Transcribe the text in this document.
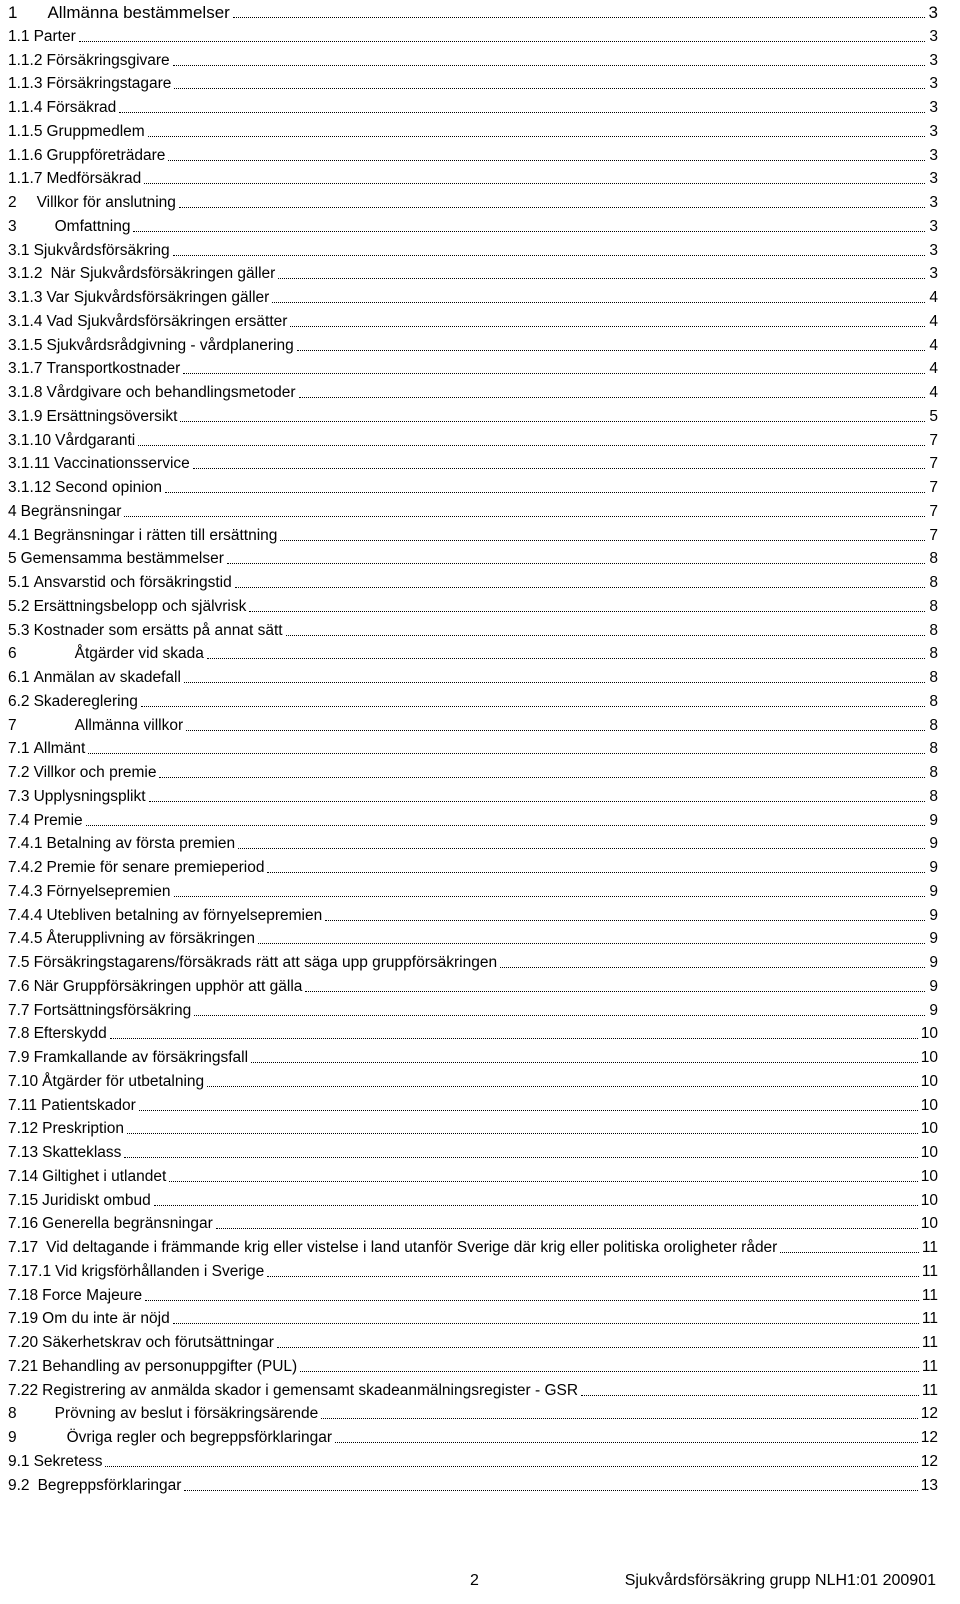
1 Allmänna bestämmelser	3
1.1 Parter	3
1.1.2 Försäkringsgivare	3
1.1.3 Försäkringstagare	3
1.1.4 Försäkrad	3
1.1.5 Gruppmedlem	3
1.1.6 Gruppföreträdare	3
1.1.7 Medförsäkrad	3
2 Villkor för anslutning	3
3 Omfattning	3
3.1 Sjukvårdsförsäkring	3
3.1.2 När Sjukvårdsförsäkringen gäller	3
3.1.3 Var Sjukvårdsförsäkringen gäller	4
3.1.4 Vad Sjukvårdsförsäkringen ersätter	4
3.1.5 Sjukvårdsrådgivning - vårdplanering	4
3.1.7 Transportkostnader	4
3.1.8 Vårdgivare och behandlingsmetoder	4
3.1.9 Ersättningsöversikt	5
3.1.10 Vårdgaranti	7
3.1.11 Vaccinationsservice	7
3.1.12 Second opinion	7
4 Begränsningar	7
4.1 Begränsningar i rätten till ersättning	7
5 Gemensamma bestämmelser	8
5.1 Ansvarstid och försäkringstid	8
5.2 Ersättningsbelopp och självrisk	8
5.3 Kostnader som ersätts på annat sätt	8
6	Åtgärder vid skada	8
6.1 Anmälan av skadefall	8
6.2 Skadereglering	8
7	Allmänna villkor	8
7.1 Allmänt	8
7.2 Villkor och premie	8
7.3 Upplysningsplikt	8
7.4 Premie	9
7.4.1 Betalning av första premien	9
7.4.2 Premie för senare premieperiod	9
7.4.3 Förnyelsepremien	9
7.4.4 Utebliven betalning av förnyelsepremien	9
7.4.5 Återupplivning av försäkringen	9
7.5 Försäkringstagarens/försäkrads rätt att säga upp gruppförsäkringen	9
7.6 När Gruppförsäkringen upphör att gälla	9
7.7 Fortsättningsförsäkring	9
7.8 Efterskydd	10
7.9 Framkallande av försäkringsfall	10
7.10 Åtgärder för utbetalning	10
7.11 Patientskador	10
7.12 Preskription	10
7.13 Skatteklass	10
7.14 Giltighet i utlandet	10
7.15 Juridiskt ombud	10
7.16 Generella begränsningar	10
7.17 Vid deltagande i främmande krig eller vistelse i land utanför Sverige där krig eller politiska oroligheter råder	11
7.17.1 Vid krigsförhållanden i Sverige	11
7.18 Force Majeure	11
7.19 Om du inte är nöjd	11
7.20 Säkerhetskrav och förutsättningar	11
7.21 Behandling av personuppgifter (PUL)	11
7.22 Registrering av anmälda skador i gemensamt skadeanmälningsregister - GSR	11
8 Prövning av beslut i försäkringsärende	12
9	Övriga regler och begreppsförklaringar	12
9.1 Sekretess	12
9.2 Begreppsförklaringar	13
2	Sjukvårdsförsäkring grupp NLH1:01 200901
